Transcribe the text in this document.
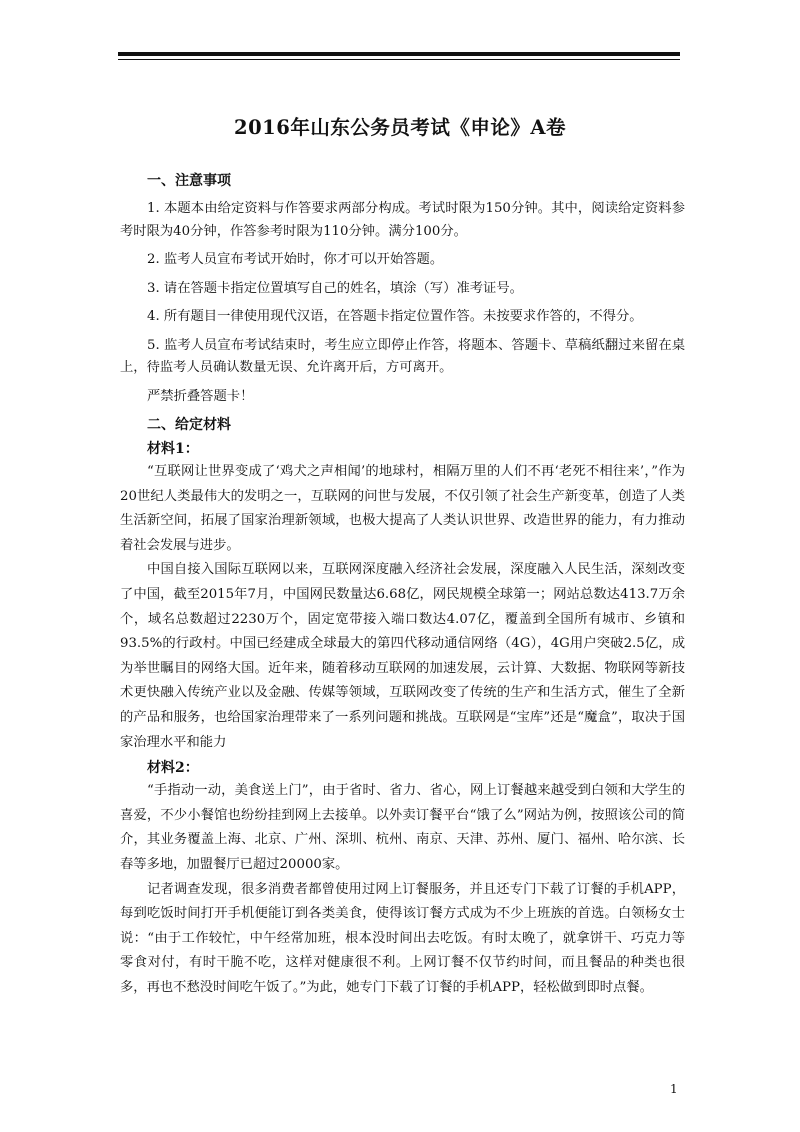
2016年山东公务员考试《申论》A卷

一、注意事项

1. 本题本由给定资料与作答要求两部分构成。考试时限为150分钟。其中，阅读给定资料参考时限为40分钟，作答参考时限为110分钟。满分100分。

2. 监考人员宣布考试开始时，你才可以开始答题。

3. 请在答题卡指定位置填写自己的姓名，填涂（写）准考证号。

4. 所有题目一律使用现代汉语，在答题卡指定位置作答。未按要求作答的，不得分。

5. 监考人员宣布考试结束时，考生应立即停止作答，将题本、答题卡、草稿纸翻过来留在桌上，待监考人员确认数量无误、允许离开后，方可离开。

严禁折叠答题卡！

二、给定材料

材料1：

“互联网让世界变成了‘鸡犬之声相闻’的地球村，相隔万里的人们不再‘老死不相往来’，”作为20世纪人类最伟大的发明之一，互联网的问世与发展，不仅引领了社会生产新变革，创造了人类生活新空间，拓展了国家治理新领域，也极大提高了人类认识世界、改造世界的能力，有力推动着社会发展与进步。

中国自接入国际互联网以来，互联网深度融入经济社会发展，深度融入人民生活，深刻改变了中国，截至2015年7月，中国网民数量达6.68亿，网民规模全球第一；网站总数达413.7万余个，域名总数超过2230万个，固定宽带接入端口数达4.07亿，覆盖到全国所有城市、乡镇和93.5%的行政村。中国已经建成全球最大的第四代移动通信网络（4G），4G用户突破2.5亿，成为举世瞩目的网络大国。近年来，随着移动互联网的加速发展，云计算、大数据、物联网等新技术更快融入传统产业以及金融、传媒等领域，互联网改变了传统的生产和生活方式，催生了全新的产品和服务，也给国家治理带来了一系列问题和挑战。互联网是“宝库”还是“魔盒”，取决于国家治理水平和能力

材料2：

“手指动一动，美食送上门”，由于省时、省力、省心，网上订餐越来越受到白领和大学生的喜爱，不少小餐馆也纷纷挂到网上去接单。以外卖订餐平台“饿了么”网站为例，按照该公司的简介，其业务覆盖上海、北京、广州、深圳、杭州、南京、天津、苏州、厦门、福州、哈尔滨、长春等多地，加盟餐厅已超过20000家。

记者调查发现，很多消费者都曾使用过网上订餐服务，并且还专门下载了订餐的手机APP，每到吃饭时间打开手机便能订到各类美食，使得该订餐方式成为不少上班族的首选。白领杨女士说：“由于工作较忙，中午经常加班，根本没时间出去吃饭。有时太晚了，就拿饼干、巧克力等零食对付，有时干脆不吃，这样对健康很不利。上网订餐不仅节约时间，而且餐品的种类也很多，再也不愁没时间吃午饭了。”为此，她专门下载了订餐的手机APP，轻松做到即时点餐。

1
